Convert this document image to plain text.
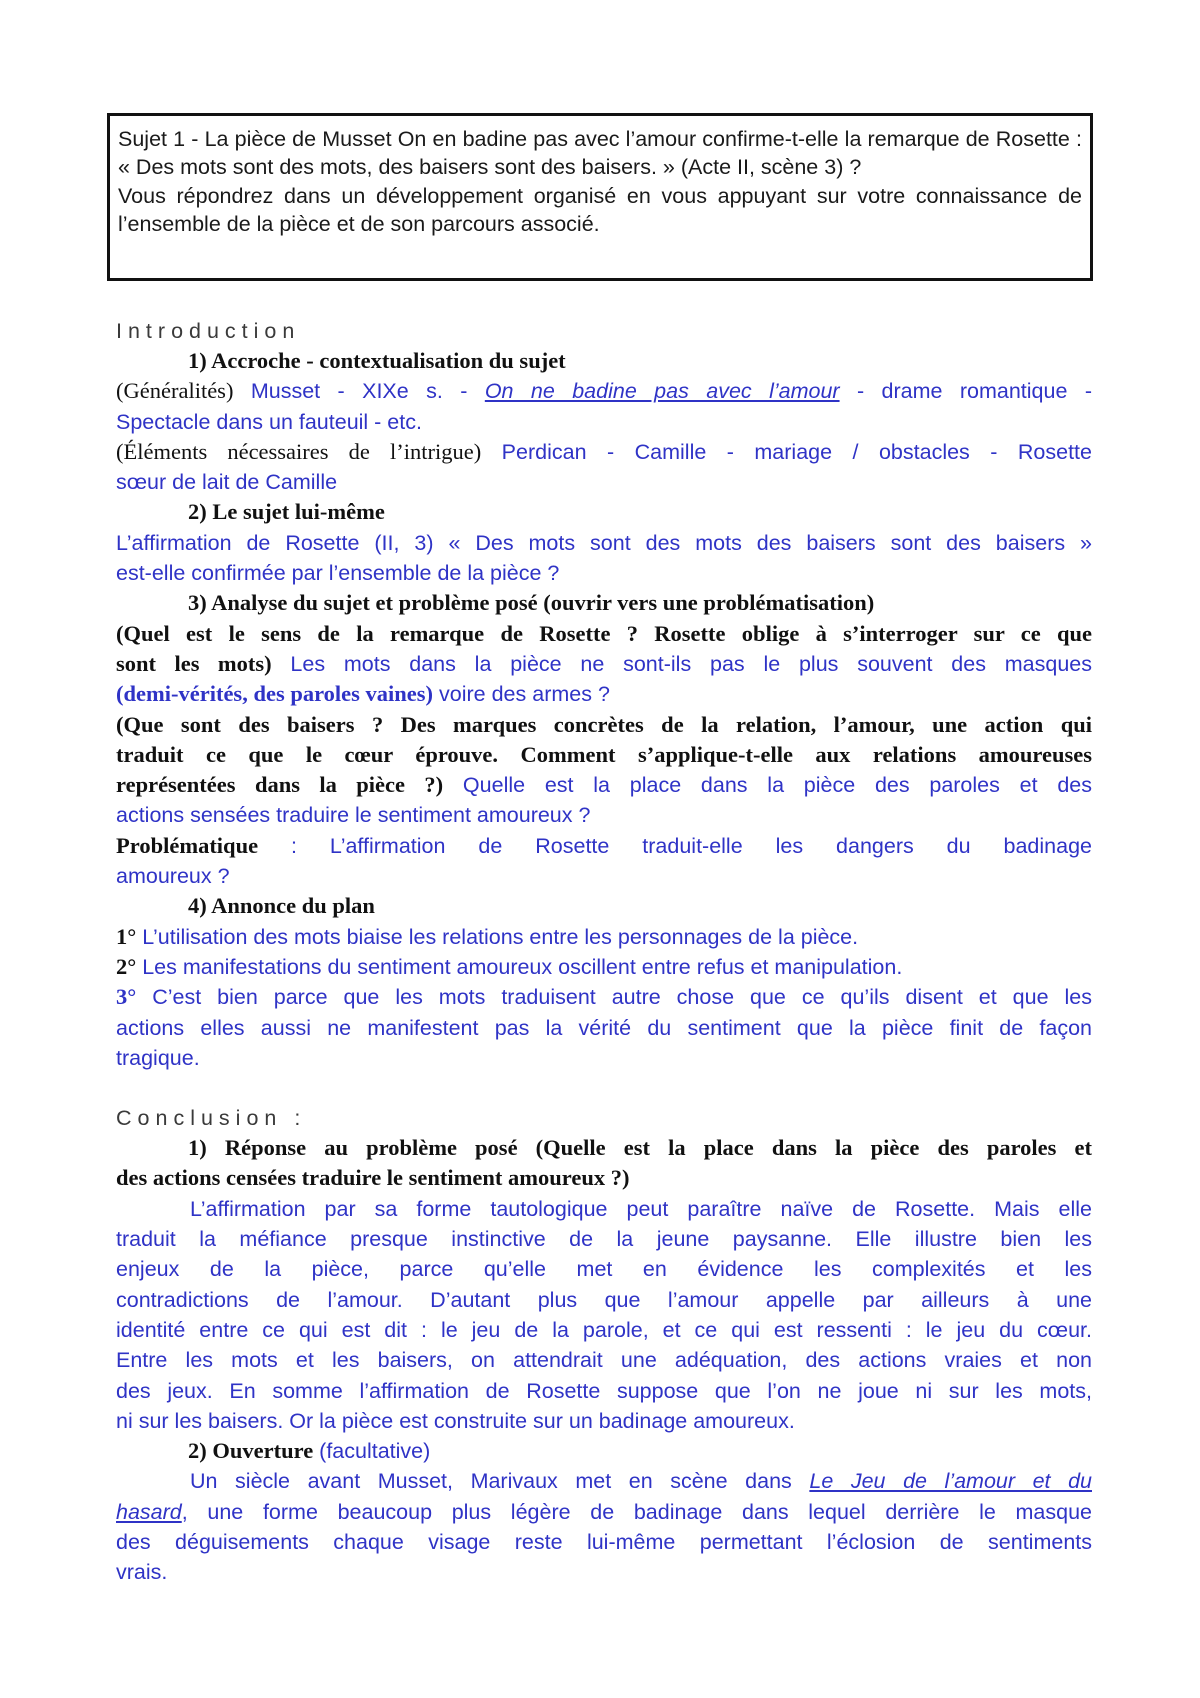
Sujet 1 - La pièce de Musset On en badine pas avec l’amour confirme-t-elle la remarque de Rosette : « Des mots sont des mots, des baisers sont des baisers. » (Acte II, scène 3) ?

Vous répondrez dans un développement organisé en vous appuyant sur votre connaissance de l’ensemble de la pièce et de son parcours associé.

Introduction

1) Accroche - contextualisation du sujet

(Généralités) Musset - XIXe s. - On ne badine pas avec l’amour - drame romantique -

Spectacle dans un fauteuil - etc.

(Éléments nécessaires de l’intrigue) Perdican - Camille - mariage / obstacles - Rosette

sœur de lait de Camille

2) Le sujet lui-même

L’affirmation de Rosette (II, 3) « Des mots sont des mots des baisers sont des baisers »

est-elle confirmée par l’ensemble de la pièce ?

3) Analyse du sujet et problème posé (ouvrir vers une problématisation)

(Quel est le sens de la remarque de Rosette ? Rosette oblige à s’interroger sur ce que

sont les mots) Les mots dans la pièce ne sont-ils pas le plus souvent des masques

(demi-vérités, des paroles vaines) voire des armes ?

(Que sont des baisers ? Des marques concrètes de la relation, l’amour, une action qui

traduit ce que le cœur éprouve. Comment s’applique-t-elle aux relations amoureuses

représentées dans la pièce ?) Quelle est la place dans la pièce des paroles et des

actions sensées traduire le sentiment amoureux ?

Problématique : L’affirmation de Rosette traduit-elle les dangers du badinage

amoureux ?

4) Annonce du plan

1° L’utilisation des mots biaise les relations entre les personnages de la pièce.

2° Les manifestations du sentiment amoureux oscillent entre refus et manipulation.

3° C’est bien parce que les mots traduisent autre chose que ce qu’ils disent et que les

actions elles aussi ne manifestent pas la vérité du sentiment que la pièce finit de façon

tragique.

Conclusion :

1) Réponse au problème posé (Quelle est la place dans la pièce des paroles et

des actions censées traduire le sentiment amoureux ?)

L’affirmation par sa forme tautologique peut paraître naïve de Rosette. Mais elle

traduit la méfiance presque instinctive de la jeune paysanne. Elle illustre bien les

enjeux de la pièce, parce qu’elle met en évidence les complexités et les

contradictions de l’amour. D’autant plus que l’amour appelle par ailleurs à une

identité entre ce qui est dit : le jeu de la parole, et ce qui est ressenti : le jeu du cœur.

Entre les mots et les baisers, on attendrait une adéquation, des actions vraies et non

des jeux. En somme l’affirmation de Rosette suppose que l’on ne joue ni sur les mots,

ni sur les baisers. Or la pièce est construite sur un badinage amoureux.

2) Ouverture (facultative)

Un siècle avant Musset, Marivaux met en scène dans Le Jeu de l’amour et du

hasard, une forme beaucoup plus légère de badinage dans lequel derrière le masque

des déguisements chaque visage reste lui-même permettant l’éclosion de sentiments

vrais.
